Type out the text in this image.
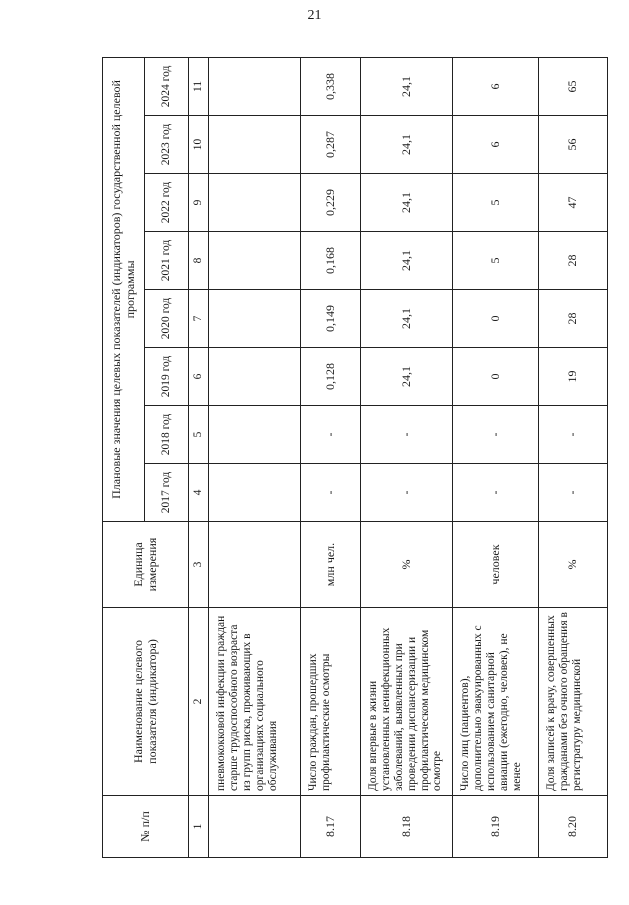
21
№ п/п	Наименование целевого показателя (индикатора)	Единица измерения	Плановые значения целевых показателей (индикаторов) государственной целевой программы							
			2017 год	2018 год	2019 год	2020 год	2021 год	2022 год	2023 год	2024 год
1	2	3	4	5	6	7	8	9	10	11
	пневмококковой инфекции граждан старше трудоспособного возраста из групп риска, проживающих в организациях социального обслуживания									
8.17	Число граждан, прошедших профилактические осмотры	млн чел.	-	-	0,128	0,149	0,168	0,229	0,287	0,338
8.18	Доля впервые в жизни установленных неинфекционных заболеваний, выявленных при проведении диспансеризации и профилактическом медицинском осмотре	%	-	-	24,1	24,1	24,1	24,1	24,1	24,1
8.19	Число лиц (пациентов), дополнительно эвакуированных с использованием санитарной авиации (ежегодно, человек), не менее	человек	-	-	0	0	5	5	6	6
8.20	Доля записей к врачу, совершенных гражданами без очного обращения в регистратуру медицинской	%	-	-	19	28	28	47	56	65
